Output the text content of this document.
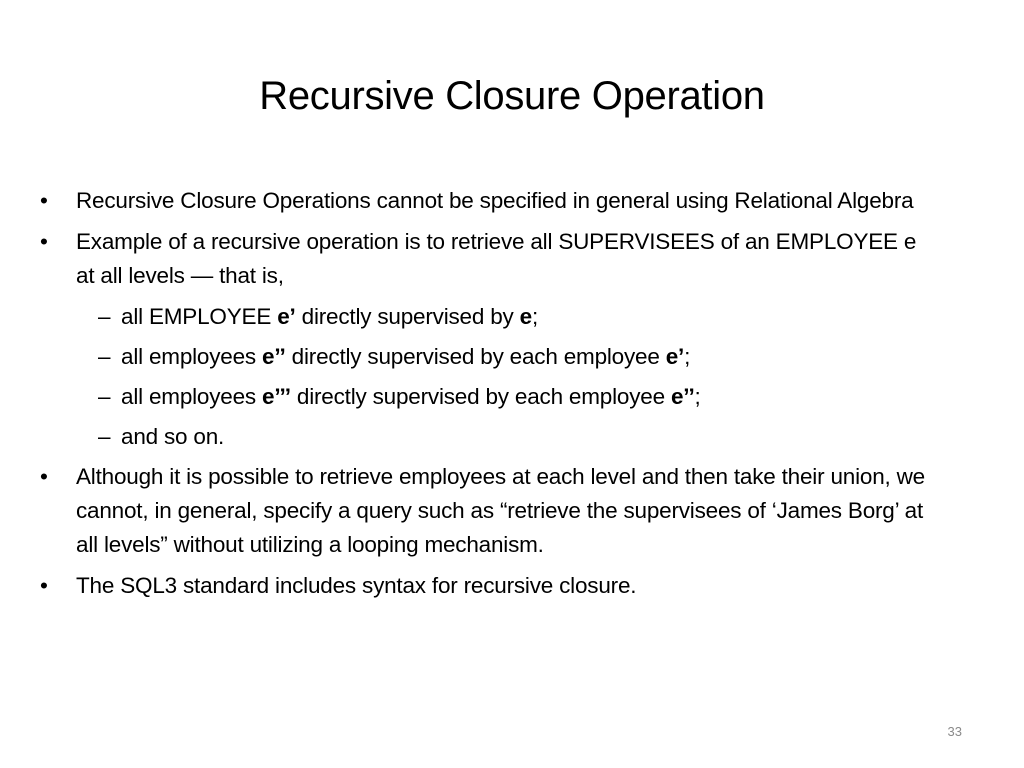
Recursive Closure Operation
•	Recursive Closure Operations cannot be specified in general using Relational Algebra
•	Example of a recursive operation is to retrieve all SUPERVISEES of an EMPLOYEE e at all levels — that is,
– all EMPLOYEE e’ directly supervised by e;
– all employees e’’ directly supervised by each employee e’;
– all employees e’’’ directly supervised by each employee e’’;
– and so on.
•	Although it is possible to retrieve employees at each level and then take their union, we cannot, in general, specify a query such as “retrieve the supervisees of ‘James Borg’ at all levels” without utilizing a looping mechanism.
•	The SQL3 standard includes syntax for recursive closure.
33
